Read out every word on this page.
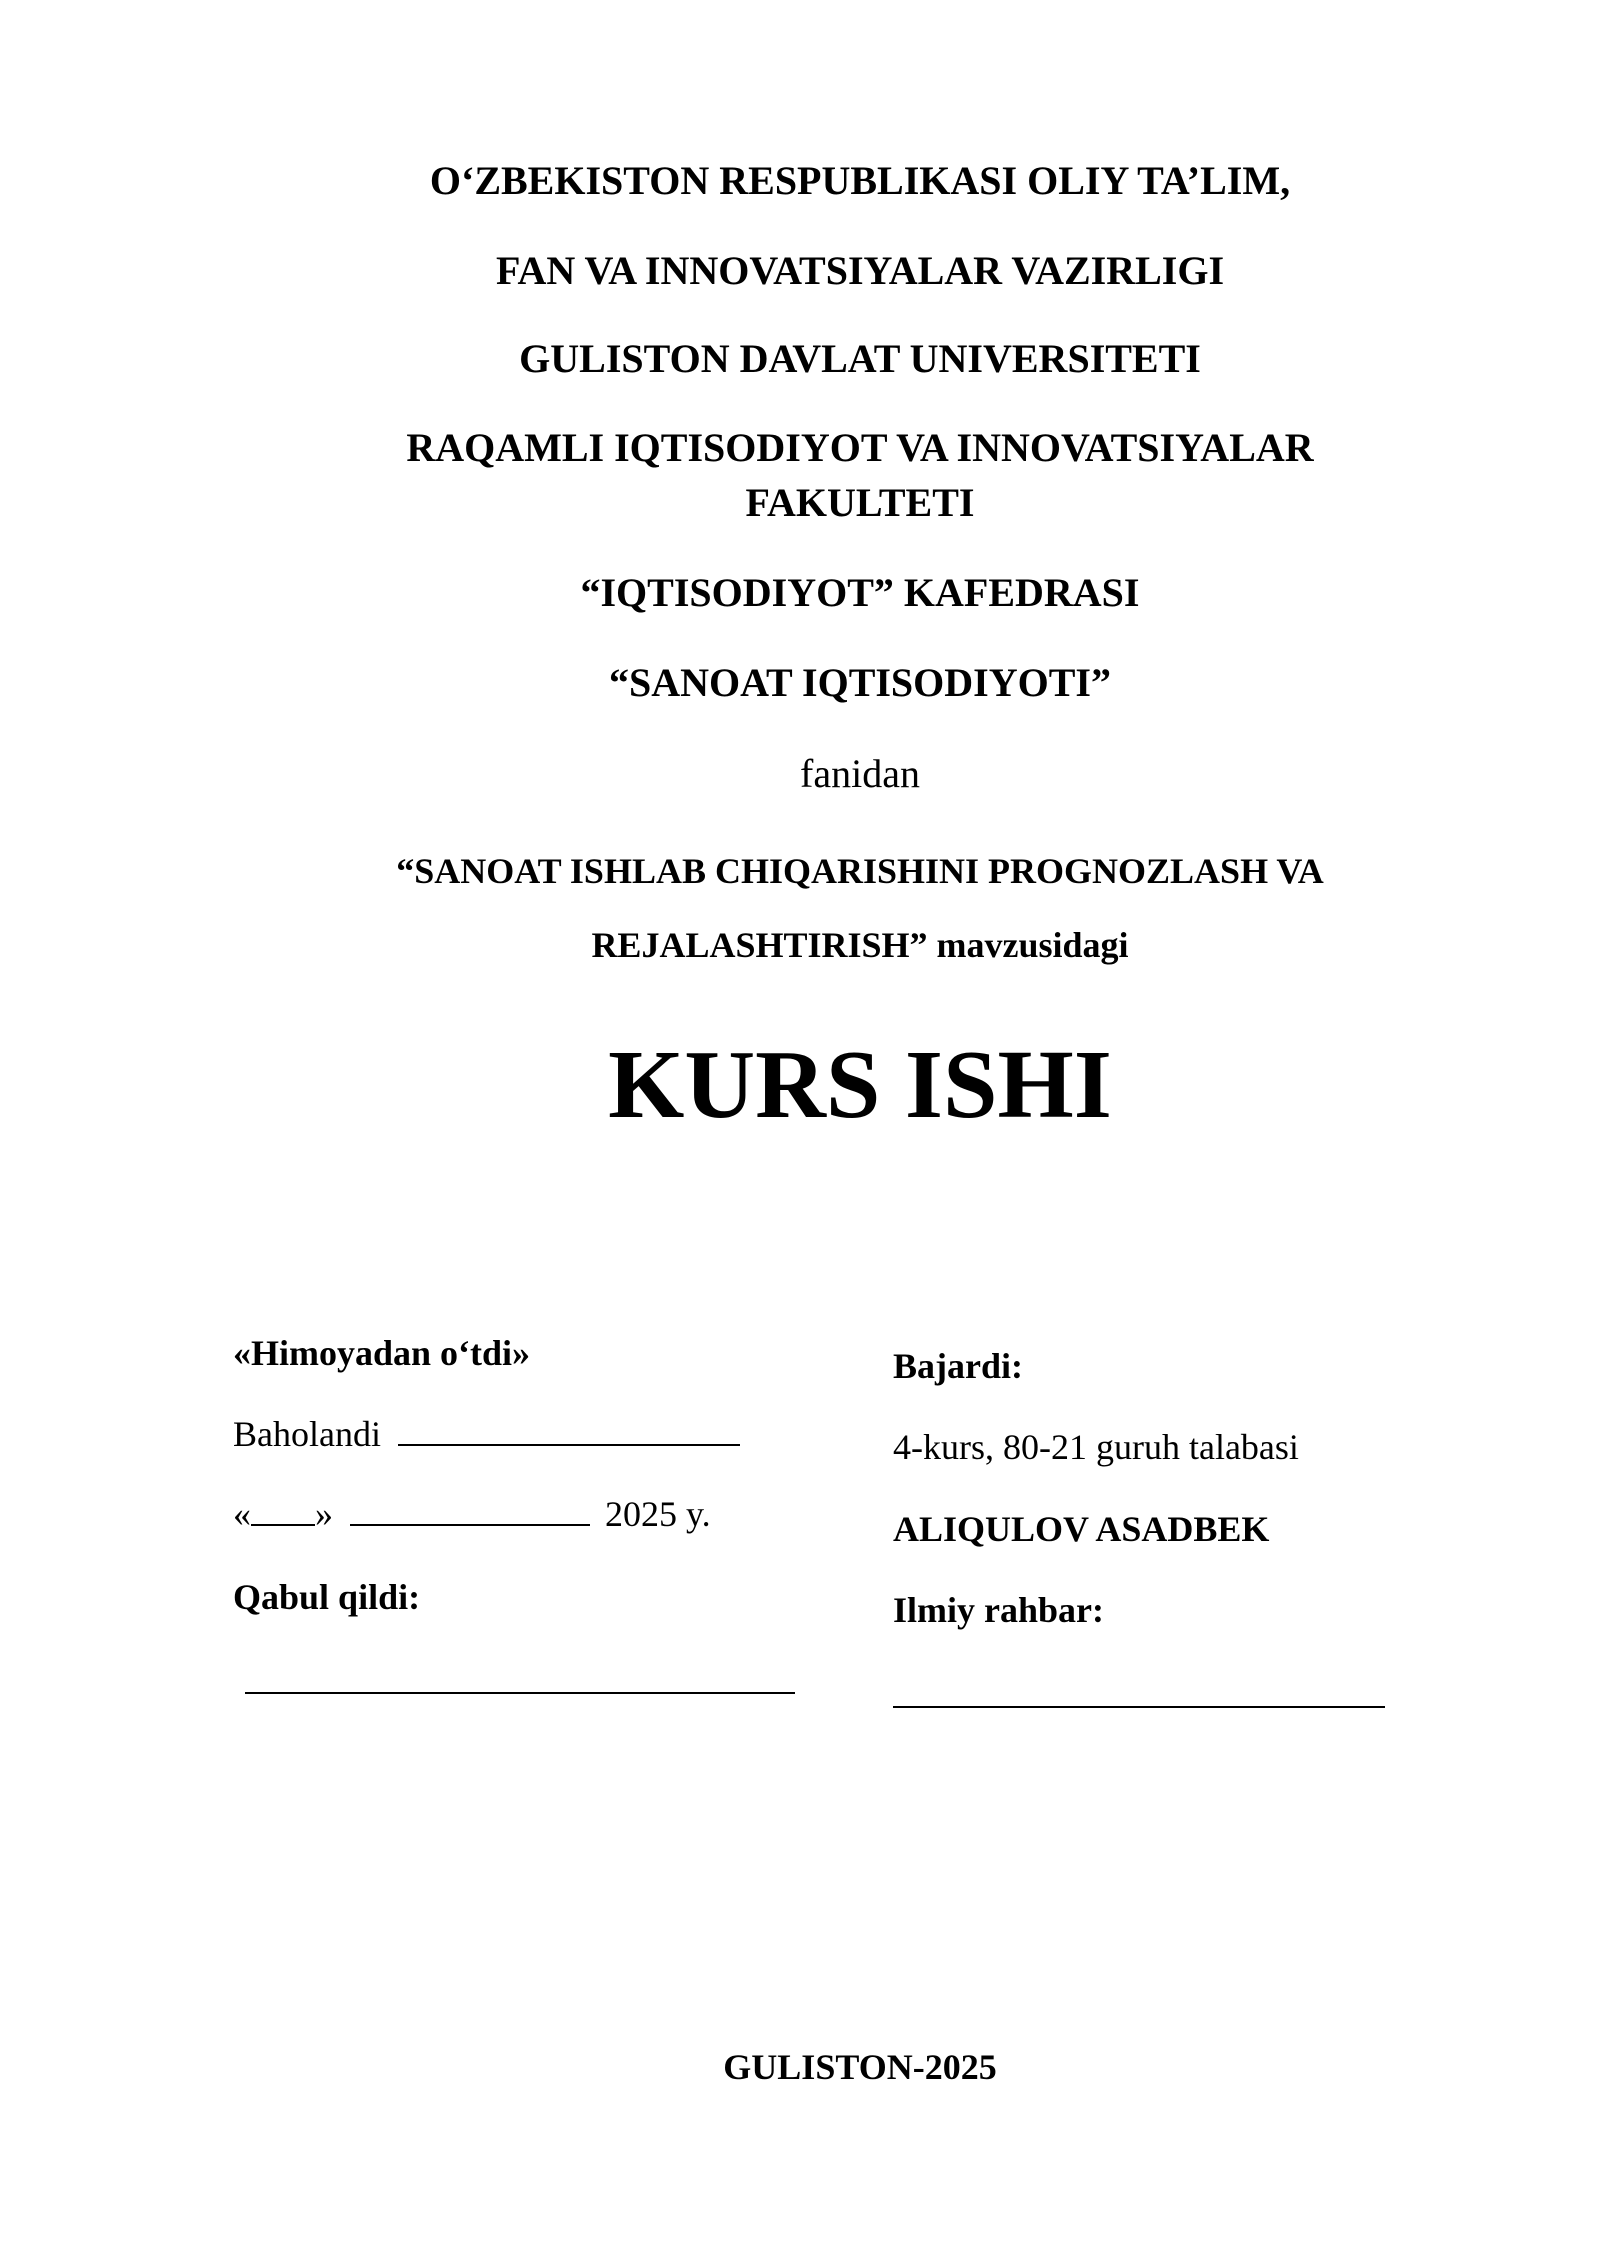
O‘ZBEKISTON RESPUBLIKASI OLIY TA’LIM,
FAN VA INNOVATSIYALAR VAZIRLIGI
GULISTON DAVLAT UNIVERSITETI
RAQAMLI IQTISODIYOT VA INNOVATSIYALAR
FAKULTETI
“IQTISODIYOT” KAFEDRASI
“SANOAT IQTISODIYOTI”
fanidan
“SANOAT ISHLAB CHIQARISHINI PROGNOZLASH VA
REJALASHTIRISH” mavzusidagi
KURS ISHI
«Himoyadan o‘tdi»
Baholandi
« »	2025 y.
Qabul qildi:
Bajardi:
4-kurs, 80-21 guruh talabasi
ALIQULOV ASADBEK
Ilmiy rahbar:
GULISTON-2025
